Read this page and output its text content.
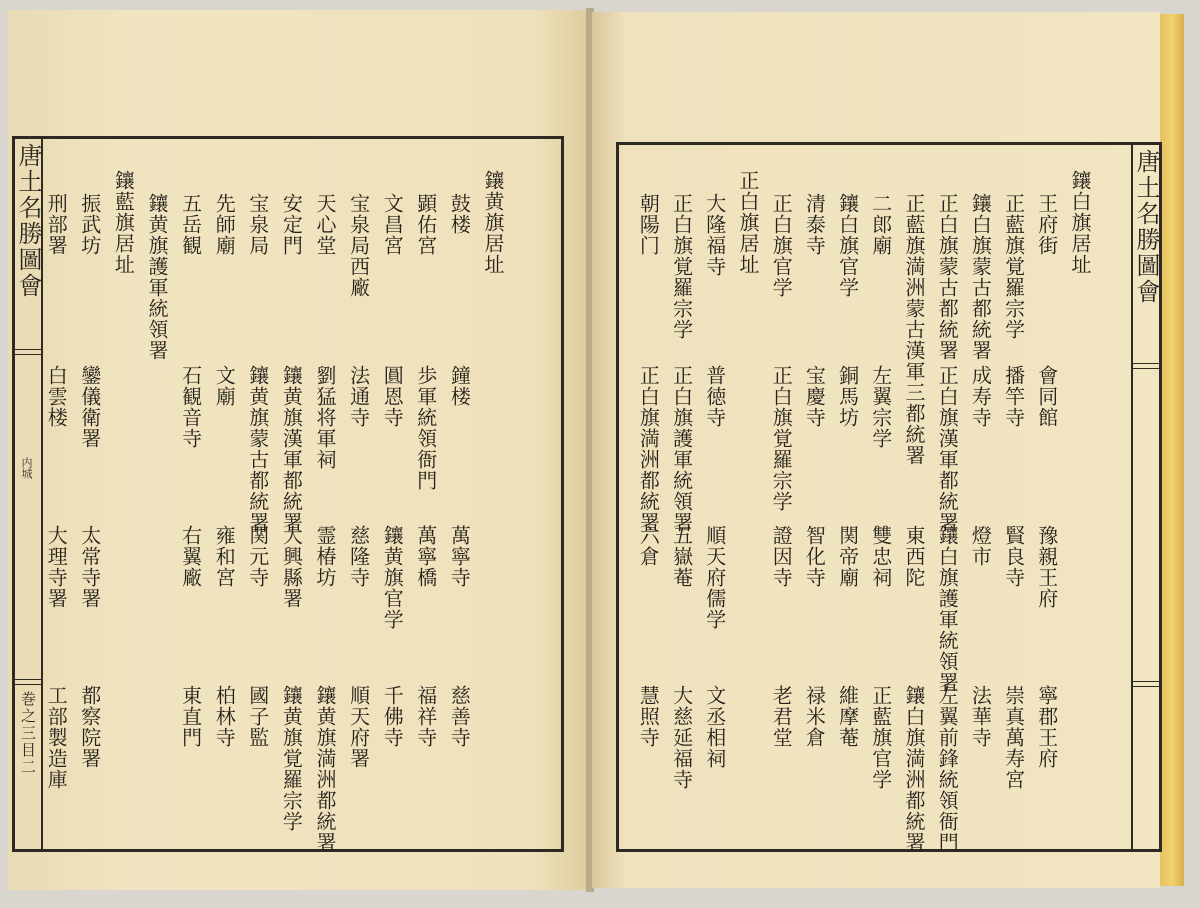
唐土名勝圖會
内城
巻之三目二
唐土名勝圖會
鑲黄旗居址
鼓楼
鐘楼
萬寧寺
慈善寺
顕佑宮
歩軍統領衙門
萬寧橋
福祥寺
文昌宮
圓恩寺
鑲黄旗官学
千佛寺
宝泉局西廠
法通寺
慈隆寺
順天府署
天心堂
劉猛将軍祠
霊椿坊
鑲黄旗満洲都統署
安定門
鑲黄旗漢軍都統署
大興縣署
鑲黄旗覚羅宗学
宝泉局
鑲黄旗蒙古都統署
関元寺
國子監
先師廟
文廟
雍和宮
柏林寺
五岳観
石観音寺
右翼廠
東直門
鑲黄旗護軍統領署
鑲藍旗居址
振武坊
鑾儀衛署
太常寺署
都察院署
刑部署
白雲楼
大理寺署
工部製造庫
鑲白旗居址
王府街
會同館
豫親王府
寧郡王府
正藍旗覚羅宗学
播竿寺
賢良寺
崇真萬寿宮
鑲白旗蒙古都統署
成寿寺
燈市
法華寺
正白旗蒙古都統署
正白旗漢軍都統署
鑲白旗護軍統領署
左翼前鋒統領衙門
正藍旗満洲蒙古漢軍三都統署
東西陀
鑲白旗満洲都統署
二郎廟
左翼宗学
雙忠祠
正藍旗官学
鑲白旗官学
銅馬坊
関帝廟
維摩菴
清泰寺
宝慶寺
智化寺
禄米倉
正白旗官学
正白旗覚羅宗学
證因寺
老君堂
正白旗居址
大隆福寺
普徳寺
順天府儒学
文丞相祠
正白旗覚羅宗学
正白旗護軍統領署
五嶽菴
大慈延福寺
朝陽门
正白旗満洲都統署
六倉
慧照寺
